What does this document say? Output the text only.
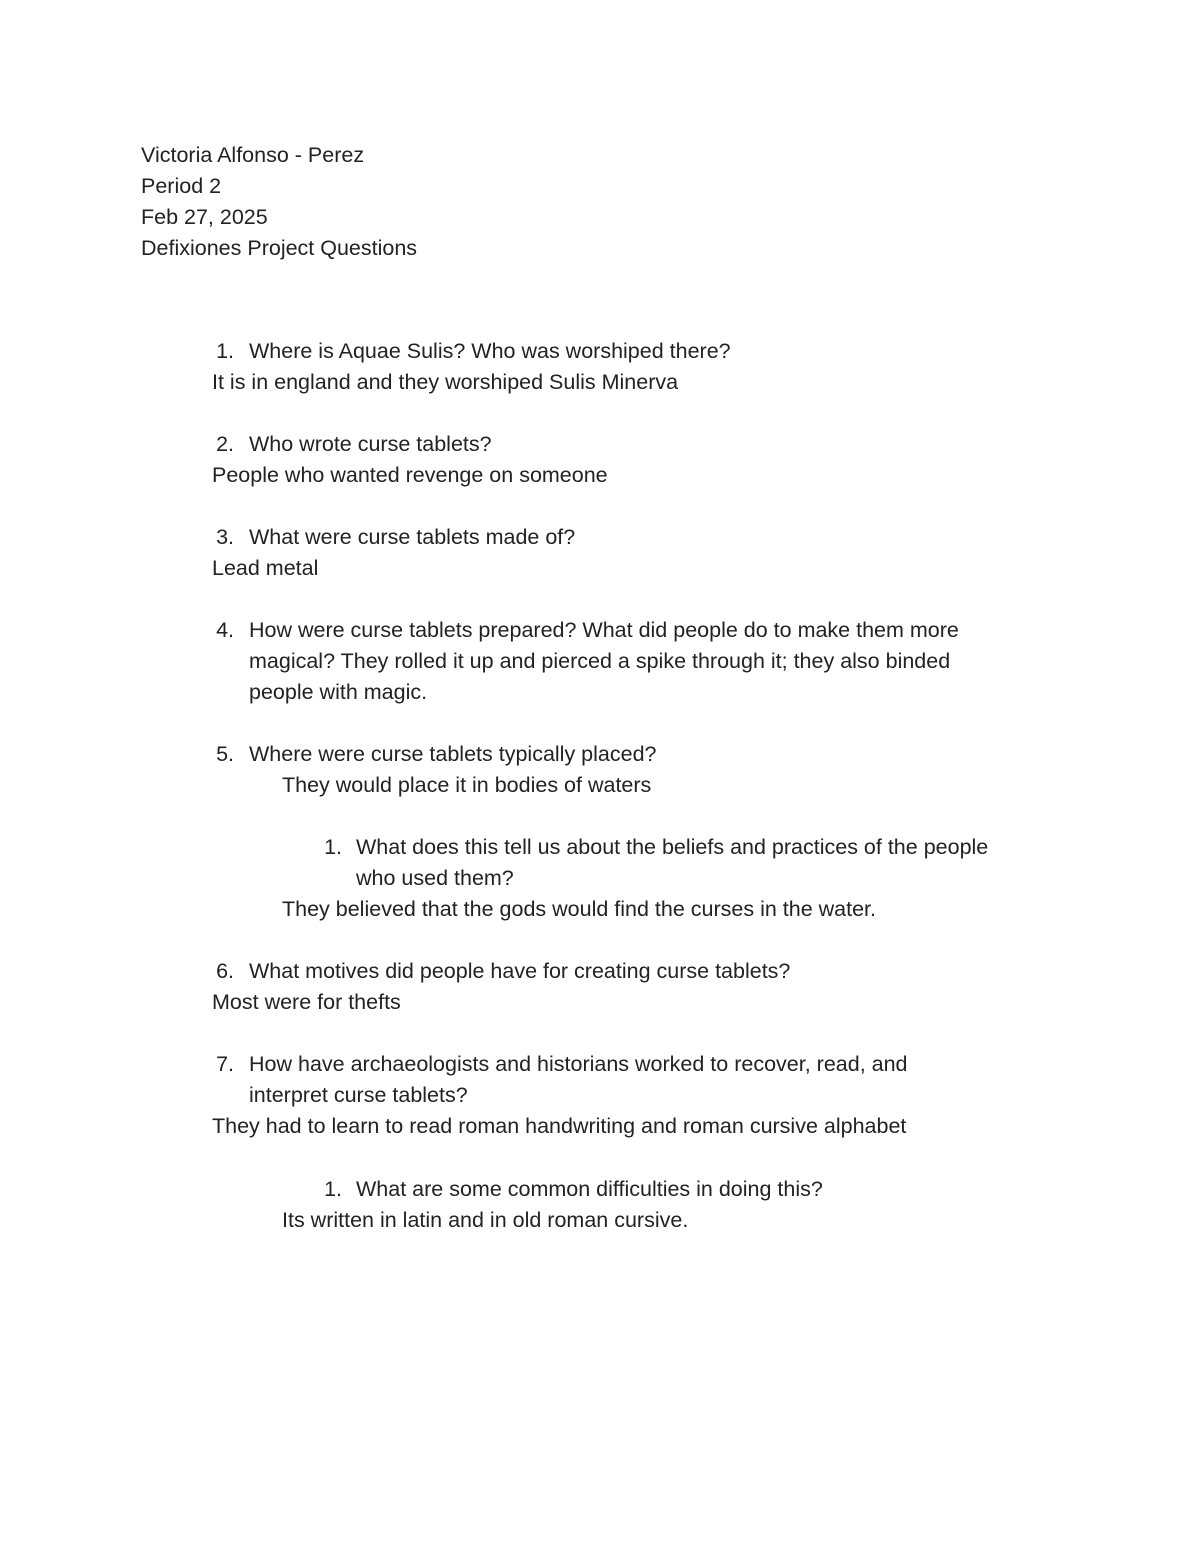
Victoria Alfonso - Perez
Period 2
Feb 27, 2025
Defixiones Project Questions
1. Where is Aquae Sulis? Who was worshiped there?
It is in england and they worshiped Sulis Minerva
2. Who wrote curse tablets?
People who wanted revenge on someone
3. What were curse tablets made of?
Lead metal
4. How were curse tablets prepared? What did people do to make them more
magical? They rolled it up and pierced a spike through it; they also binded
people with magic.
5. Where were curse tablets typically placed?
They would place it in bodies of waters
1. What does this tell us about the beliefs and practices of the people
who used them?
They believed that the gods would find the curses in the water.
6. What motives did people have for creating curse tablets?
Most were for thefts
7. How have archaeologists and historians worked to recover, read, and
interpret curse tablets?
They had to learn to read roman handwriting and roman cursive alphabet
1. What are some common difficulties in doing this?
Its written in latin and in old roman cursive.
